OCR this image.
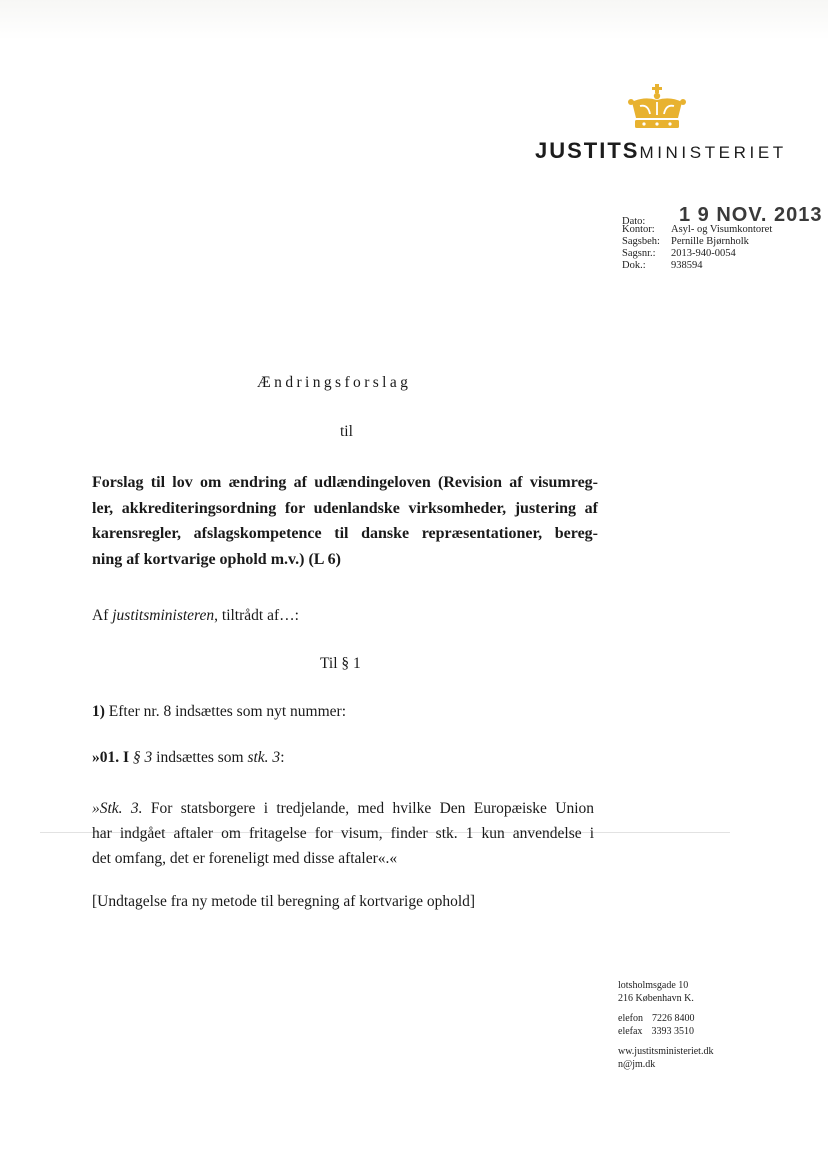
JUSTITSMINISTERIET
Dato:	1 9 NOV. 2013
Kontor:	Asyl- og Visumkontoret
Sagsbeh:	Pernille Bjørnholk
Sagsnr.:	2013-940-0054
Dok.:	938594
Ændringsforslag
til
Forslag til lov om ændring af udlændingeloven (Revision af visumreg-
ler, akkrediteringsordning for udenlandske virksomheder, justering af
karensregler, afslagskompetence til danske repræsentationer, bereg-
ning af kortvarige ophold m.v.) (L 6)
Af justitsministeren, tiltrådt af…:
Til § 1
1) Efter nr. 8 indsættes som nyt nummer:
»01. I § 3 indsættes som stk. 3:
»Stk. 3. For statsborgere i tredjelande, med hvilke Den Europæiske Union
har indgået aftaler om fritagelse for visum, finder stk. 1 kun anvendelse i
det omfang, det er foreneligt med disse aftaler«.«
[Undtagelse fra ny metode til beregning af kortvarige ophold]
lotsholmsgade 10
216 København K.
elefon 7226 8400
elefax 3393 3510
ww.justitsministeriet.dk
n@jm.dk
